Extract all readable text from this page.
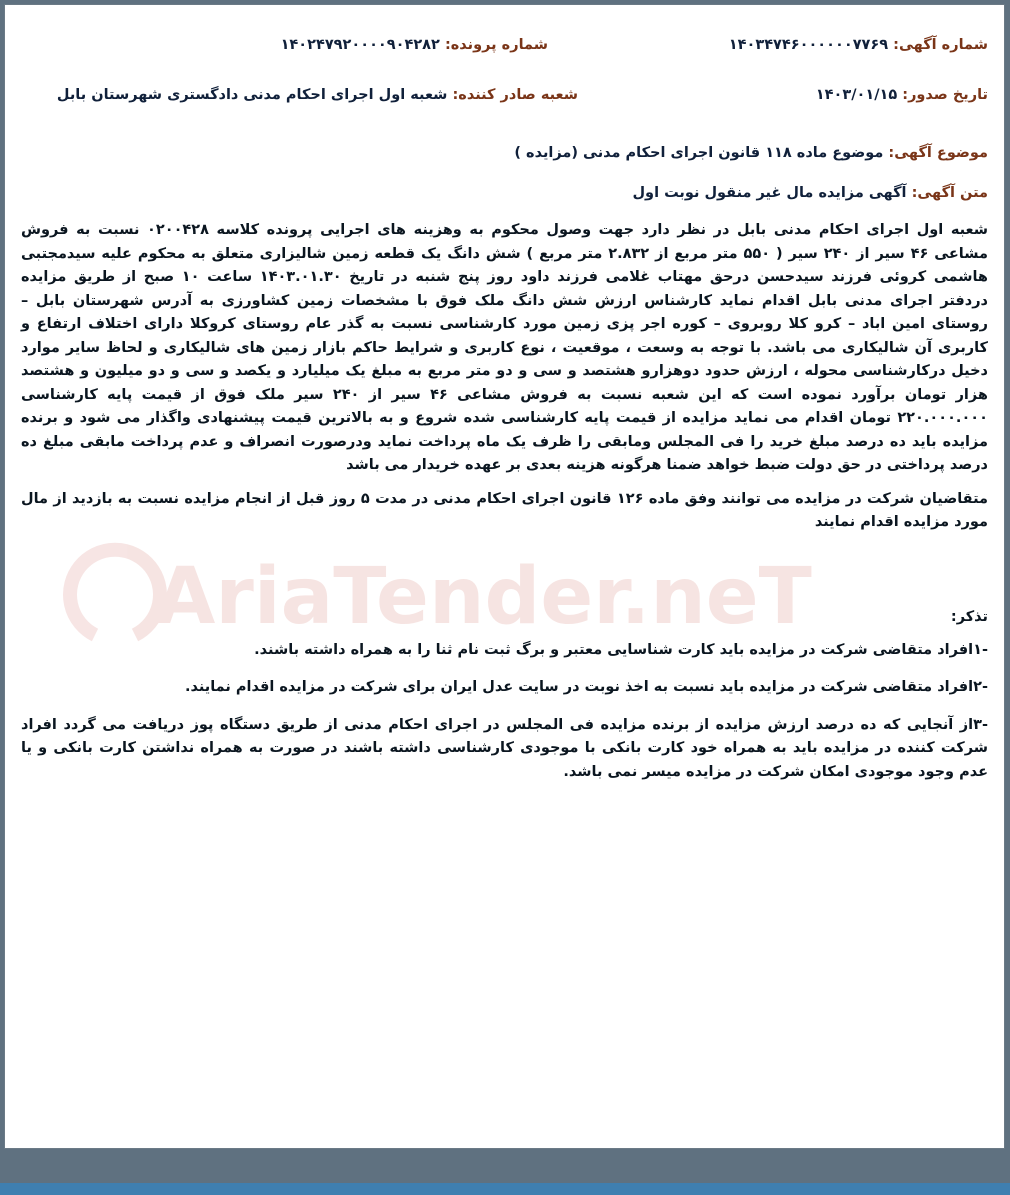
AriaTender.neT
شماره آگهی: ۱۴۰۳۴۷۴۶۰۰۰۰۰۰۷۷۶۹
شماره پرونده: ۱۴۰۲۴۷۹۲۰۰۰۰۹۰۴۲۸۲
تاریخ صدور: ۱۴۰۳/۰۱/۱۵
شعبه صادر کننده: شعبه اول اجرای احکام مدنی دادگستری شهرستان بابل
موضوع آگهی: موضوع ماده ۱۱۸ قانون اجرای احکام مدنی (مزایده )
متن آگهی: آگهی مزایده مال غیر منقول نوبت اول
شعبه اول اجرای احکام مدنی بابل در نظر دارد جهت وصول محکوم به وهزینه های اجرایی پرونده کلاسه ۰۲۰۰۴۲۸ نسبت به فروش مشاعی ۴۶ سیر از ۲۴۰ سیر ( ۵۵۰ متر مربع از ۲.۸۳۲ متر مربع ) شش دانگ یک قطعه زمین شالیزاری متعلق به محکوم علیه سیدمجتبی هاشمی کروئی فرزند سیدحسن درحق مهتاب غلامی فرزند داود روز پنج شنبه در تاریخ ۱۴۰۳.۰۱.۳۰ ساعت ۱۰ صبح از طریق مزایده دردفتر اجرای مدنی بابل اقدام نماید کارشناس ارزش شش دانگ ملک فوق با مشخصات زمین کشاورزی به آدرس شهرستان بابل – روستای امین اباد – کرو کلا روبروی – کوره اجر پزی زمین مورد کارشناسی نسبت به گذر عام روستای کروکلا دارای اختلاف ارتفاع و کاربری آن شالیکاری می باشد. با توجه به وسعت ، موقعیت ، نوع کاربری و شرایط حاکم بازار زمین های شالیکاری و لحاظ سایر موارد دخیل درکارشناسی محوله ، ارزش حدود دوهزارو هشتصد و سی و دو متر مربع به مبلغ یک میلیارد و یکصد و سی و دو میلیون و هشتصد هزار تومان برآورد نموده است که این شعبه نسبت به فروش مشاعی ۴۶ سیر از ۲۴۰ سیر ملک فوق از قیمت پایه کارشناسی ۲۲۰.۰۰۰.۰۰۰ تومان اقدام می نماید مزایده از قیمت پایه کارشناسی شده شروع و به بالاترین قیمت پیشنهادی واگذار می شود و برنده مزایده باید ده درصد مبلغ خرید را فی المجلس ومابقی را ظرف یک ماه پرداخت نماید ودرصورت انصراف و عدم پرداخت مابقی مبلغ ده درصد پرداختی در حق دولت ضبط خواهد ضمنا هرگونه هزینه بعدی بر عهده خریدار می باشد
متقاضیان شرکت در مزایده می توانند وفق ماده ۱۲۶ قانون اجرای احکام مدنی در مدت ۵ روز قبل از انجام مزایده نسبت به بازدید از مال مورد مزایده اقدام نمایند
تذکر:
-۱افراد متقاضی شرکت در مزایده باید کارت شناسایی معتبر و برگ ثبت نام ثنا را به همراه داشته باشند.
-۲افراد متقاضی شرکت در مزایده باید نسبت به اخذ نوبت در سایت عدل ایران برای شرکت در مزایده اقدام نمایند.
-۳از آنجایی که ده درصد ارزش مزایده از برنده مزایده فی المجلس در اجرای احکام مدنی از طریق دستگاه پوز دریافت می گردد افراد شرکت کننده در مزایده باید به همراه خود کارت بانکی با موجودی کارشناسی داشته باشند در صورت به همراه نداشتن کارت بانکی و یا عدم وجود موجودی امکان شرکت در مزایده میسر نمی باشد.
